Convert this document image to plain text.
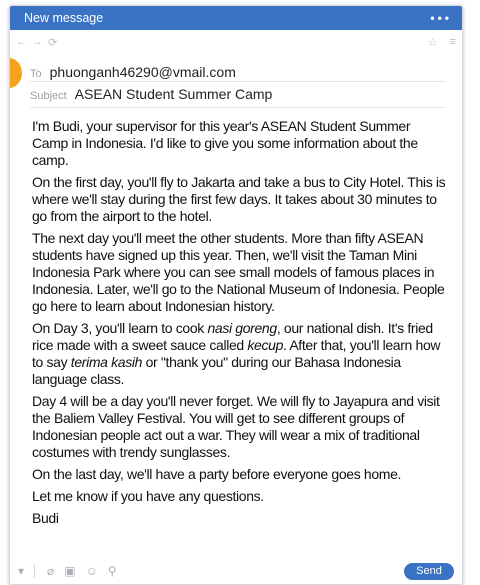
New message	•••
← → ⟳	☆ ≡
To phuonganh46290@vmail.com
Subject ASEAN Student Summer Camp

I'm Budi, your supervisor for this year's ASEAN Student Summer Camp in Indonesia. I'd like to give you some information about the camp.

On the first day, you'll fly to Jakarta and take a bus to City Hotel. This is where we'll stay during the first few days. It takes about 30 minutes to go from the airport to the hotel.

The next day you'll meet the other students. More than fifty ASEAN students have signed up this year. Then, we'll visit the Taman Mini Indonesia Park where you can see small models of famous places in Indonesia. Later, we'll go to the National Museum of Indonesia. People go here to learn about Indonesian history.

On Day 3, you'll learn to cook nasi goreng, our national dish. It's fried rice made with a sweet sauce called kecup. After that, you'll learn how to say terima kasih or "thank you" during our Bahasa Indonesia language class.

Day 4 will be a day you'll never forget. We will fly to Jayapura and visit the Baliem Valley Festival. You will get to see different groups of Indonesian people act out a war. They will wear a mix of traditional costumes with trendy sunglasses.

On the last day, we'll have a party before everyone goes home.

Let me know if you have any questions.

Budi

▾ ⌀ ▣ ☺ ⚲	Send
